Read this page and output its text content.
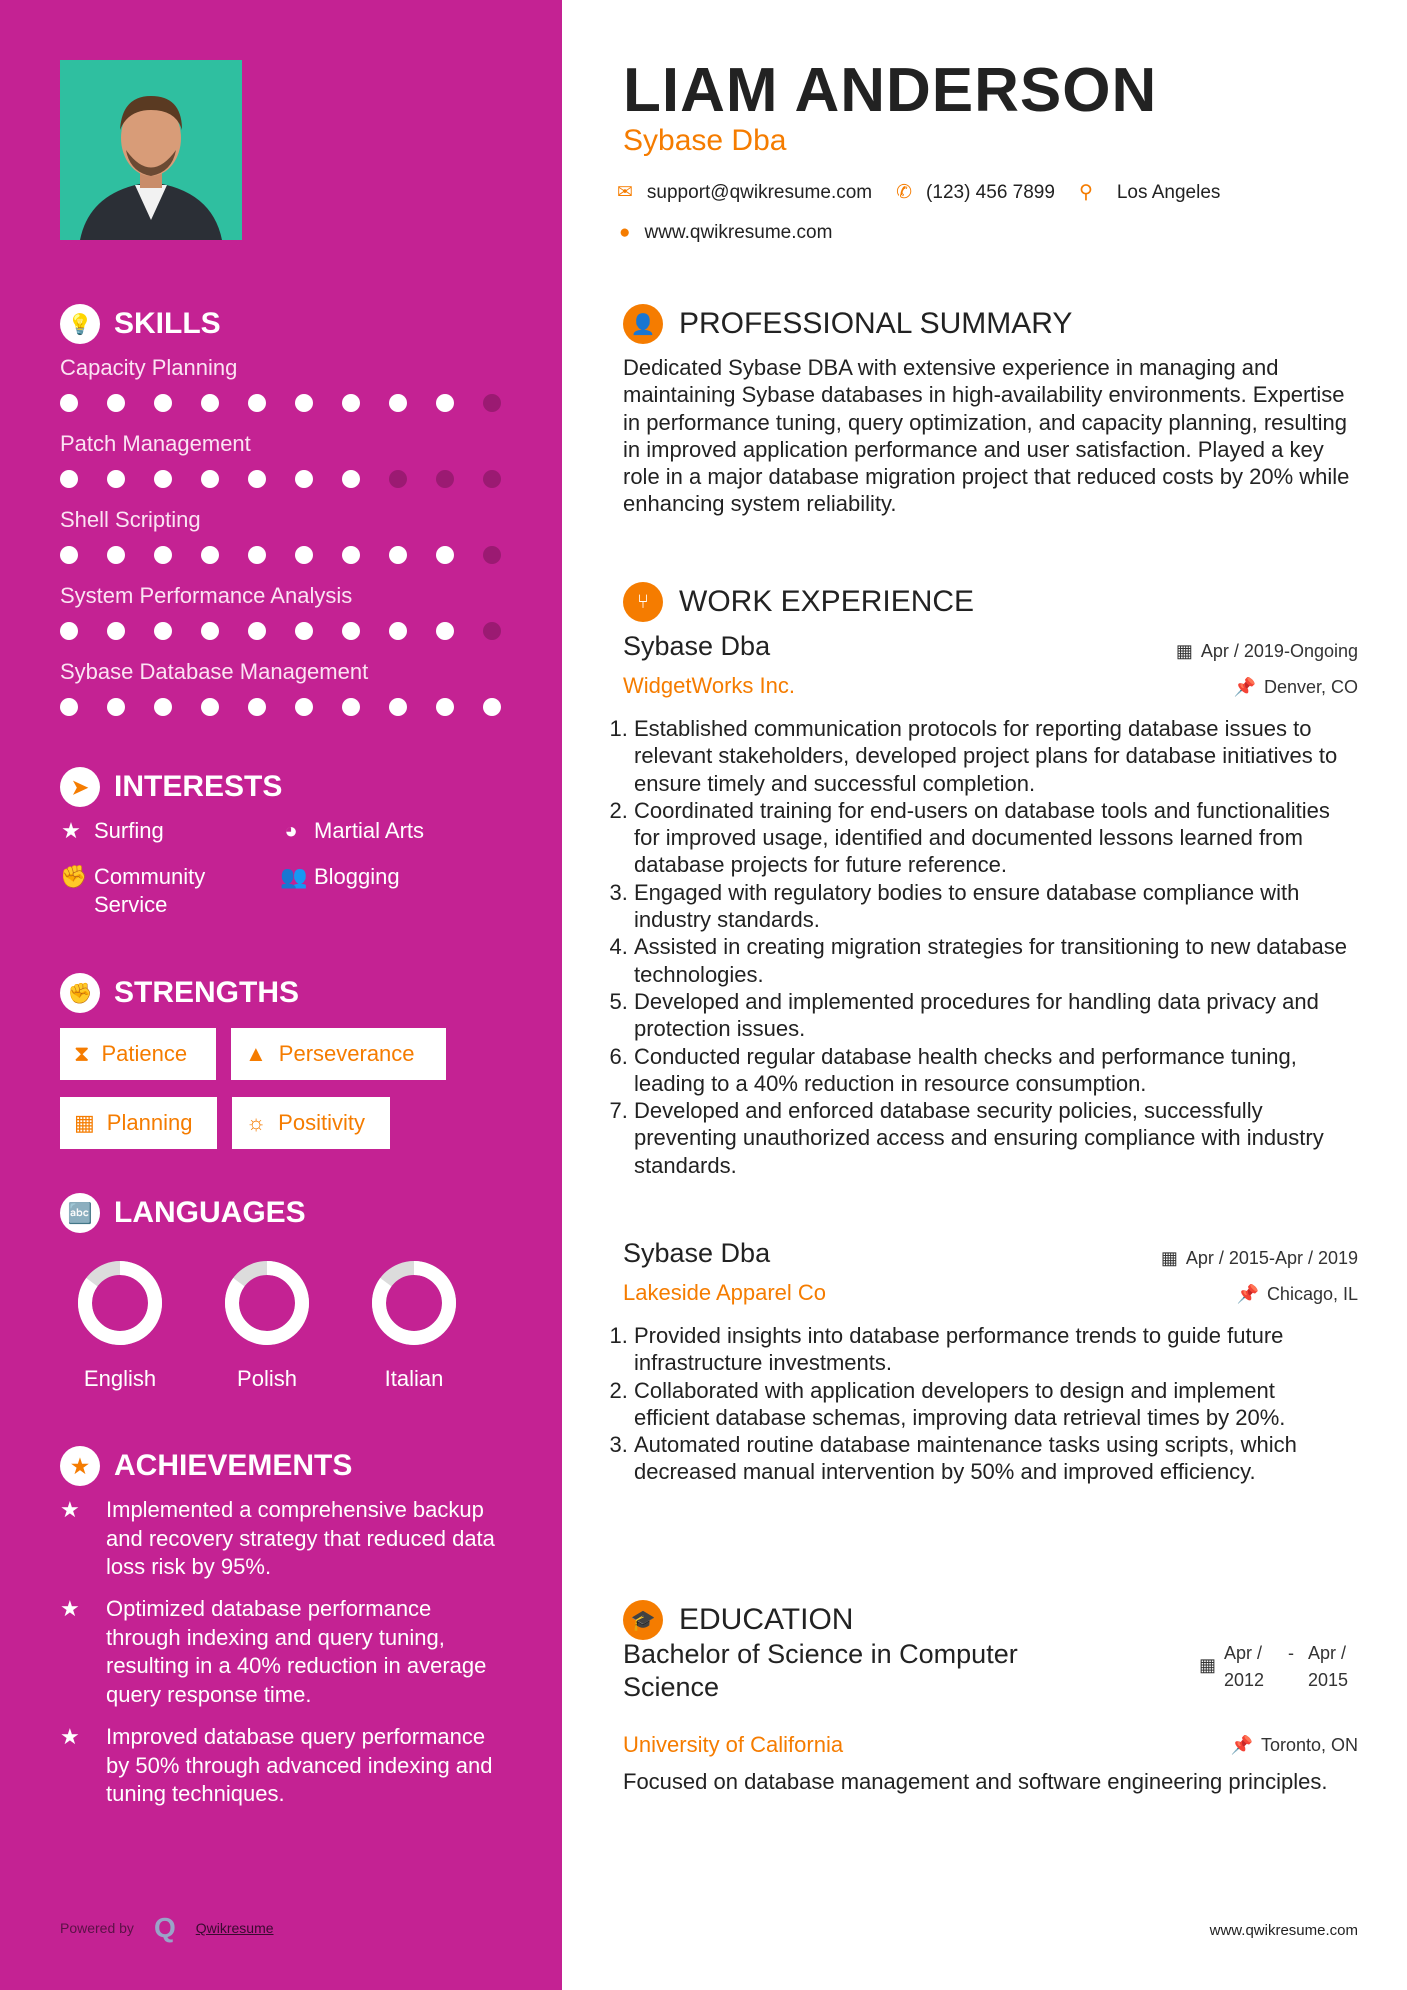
💡 SKILLS
Capacity Planning
Patch Management
Shell Scripting
System Performance Analysis
Sybase Database Management
➤ INTERESTS
★ Surfing	◕ Martial Arts
✊ Community Service
👥 Blogging
✊ STRENGTHS
⧗ Patience	▲ Perseverance
▦ Planning ☼ Positivity
🔤 LANGUAGES
English	Polish	Italian
★ ACHIEVEMENTS
★	Implemented a comprehensive backup and recovery strategy that reduced data loss risk by 95%.
★	Optimized database performance through indexing and query tuning, resulting in a 40% reduction in average query response time.
★	Improved database query performance by 50% through advanced indexing and tuning techniques.
Powered by Q Qwikresume
LIAM ANDERSON
Sybase Dba
✉ support@qwikresume.com ✆ (123) 456 7899 ⚲ Los Angeles
● www.qwikresume.com
👤 PROFESSIONAL SUMMARY
Dedicated Sybase DBA with extensive experience in managing and maintaining Sybase databases in high-availability environments. Expertise in performance tuning, query optimization, and capacity planning, resulting in improved application performance and user satisfaction. Played a key role in a major database migration project that reduced costs by 20% while enhancing system reliability.
⑂	WORK EXPERIENCE
Sybase Dba	▦ Apr / 2019-Ongoing
WidgetWorks Inc.	📌 Denver, CO
1. Established communication protocols for reporting database issues to relevant stakeholders, developed project plans for database initiatives to ensure timely and successful completion.
2. Coordinated training for end-users on database tools and functionalities for improved usage, identified and documented lessons learned from database projects for future reference.
3. Engaged with regulatory bodies to ensure database compliance with industry standards.
4. Assisted in creating migration strategies for transitioning to new database technologies.
5. Developed and implemented procedures for handling data privacy and protection issues.
6. Conducted regular database health checks and performance tuning, leading to a 40% reduction in resource consumption.
7. Developed and enforced database security policies, successfully preventing unauthorized access and ensuring compliance with industry standards.
Sybase Dba	▦ Apr / 2015-Apr / 2019
Lakeside Apparel Co	📌 Chicago, IL
1. Provided insights into database performance trends to guide future infrastructure investments.
2. Collaborated with application developers to design and implement efficient database schemas, improving data retrieval times by 20%.
3. Automated routine database maintenance tasks using scripts, which decreased manual intervention by 50% and improved efficiency.
🎓 EDUCATION
Bachelor of Science in Computer Science
▦
Apr / 2012
- Apr / 2015
University of California	📌 Toronto, ON
Focused on database management and software engineering principles.
www.qwikresume.com
